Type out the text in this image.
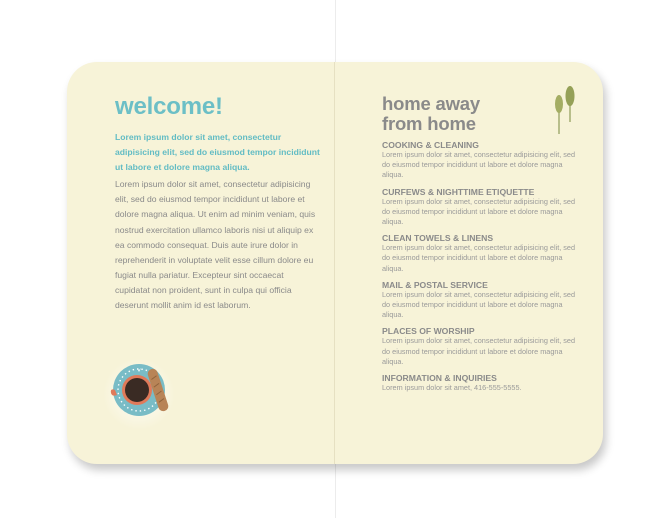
welcome!

Lorem ipsum dolor sit amet, consectetur adipisicing elit, sed do eiusmod tempor incididunt ut labore et dolore magna aliqua.

Lorem ipsum dolor sit amet, consectetur adipisicing elit, sed do eiusmod tempor incididunt ut labore et dolore magna aliqua. Ut enim ad minim veniam, quis nostrud exercitation ullamco laboris nisi ut aliquip ex ea commodo consequat. Duis aute irure dolor in reprehenderit in voluptate velit esse cillum dolore eu fugiat nulla pariatur. Excepteur sint occaecat cupidatat non proident, sunt in culpa qui officia deserunt mollit anim id est laborum.

home away
from home

COOKING & CLEANING

Lorem ipsum dolor sit amet, consectetur adipisicing elit, sed do eiusmod tempor incididunt ut labore et dolore magna aliqua.

CURFEWS & NIGHTTIME ETIQUETTE

Lorem ipsum dolor sit amet, consectetur adipisicing elit, sed do eiusmod tempor incididunt ut labore et dolore magna aliqua.

CLEAN TOWELS & LINENS

Lorem ipsum dolor sit amet, consectetur adipisicing elit, sed do eiusmod tempor incididunt ut labore et dolore magna aliqua.

MAIL & POSTAL SERVICE

Lorem ipsum dolor sit amet, consectetur adipisicing elit, sed do eiusmod tempor incididunt ut labore et dolore magna aliqua.

PLACES OF WORSHIP

Lorem ipsum dolor sit amet, consectetur adipisicing elit, sed do eiusmod tempor incididunt ut labore et dolore magna aliqua.

INFORMATION & INQUIRIES

Lorem ipsum dolor sit amet, 416-555-5555.
